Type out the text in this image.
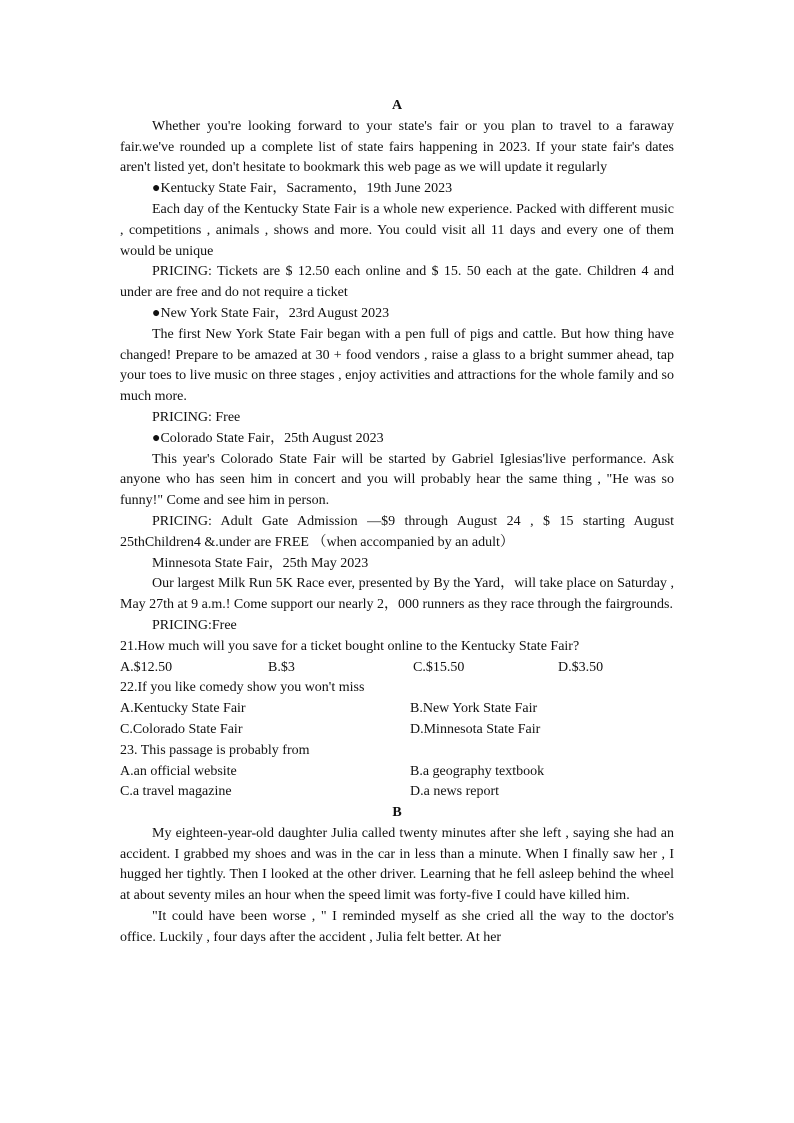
A

Whether you're looking forward to your state's fair or you plan to travel to a faraway fair.we've rounded up a complete list of state fairs happening in 2023. If your state fair's dates aren't listed yet, don't hesitate to bookmark this web page as we will update it regularly

●Kentucky State Fair，Sacramento，19th June 2023

Each day of the Kentucky State Fair is a whole new experience. Packed with different music , competitions , animals , shows and more. You could visit all 11 days and every one of them would be unique

PRICING: Tickets are $ 12.50 each online and $ 15. 50 each at the gate. Children 4 and under are free and do not require a ticket

●New York State Fair，23rd August 2023

The first New York State Fair began with a pen full of pigs and cattle. But how thing have changed! Prepare to be amazed at 30 + food vendors , raise a glass to a bright summer ahead, tap your toes to live music on three stages , enjoy activities and attractions for the whole family and so much more.

PRICING: Free

●Colorado State Fair，25th August 2023

This year's Colorado State Fair will be started by Gabriel Iglesias'live performance. Ask anyone who has seen him in concert and you will probably hear the same thing , "He was so funny!" Come and see him in person.

PRICING: Adult Gate Admission —$9 through August 24 , $ 15 starting August 25thChildren4 &.under are FREE （when accompanied by an adult）

Minnesota State Fair，25th May 2023

Our largest Milk Run 5K Race ever, presented by By the Yard，will take place on Saturday , May 27th at 9 a.m.! Come support our nearly 2，000 runners as they race through the fairgrounds.

PRICING:Free

21.How much will you save for a ticket bought online to the Kentucky State Fair?

A.$12.50	B.$3	C.$15.50	D.$3.50

22.If you like comedy show you won't miss

A.Kentucky State Fair	B.New York State Fair
C.Colorado State Fair	D.Minnesota State Fair

23. This passage is probably from

A.an official website	B.a geography textbook
C.a travel magazine	D.a news report
B

My eighteen-year-old daughter Julia called twenty minutes after she left , saying she had an accident. I grabbed my shoes and was in the car in less than a minute. When I finally saw her , I hugged her tightly. Then I looked at the other driver. Learning that he fell asleep behind the wheel at about seventy miles an hour when the speed limit was forty-five I could have killed him.

"It could have been worse , " I reminded myself as she cried all the way to the doctor's office. Luckily , four days after the accident , Julia felt better. At her
